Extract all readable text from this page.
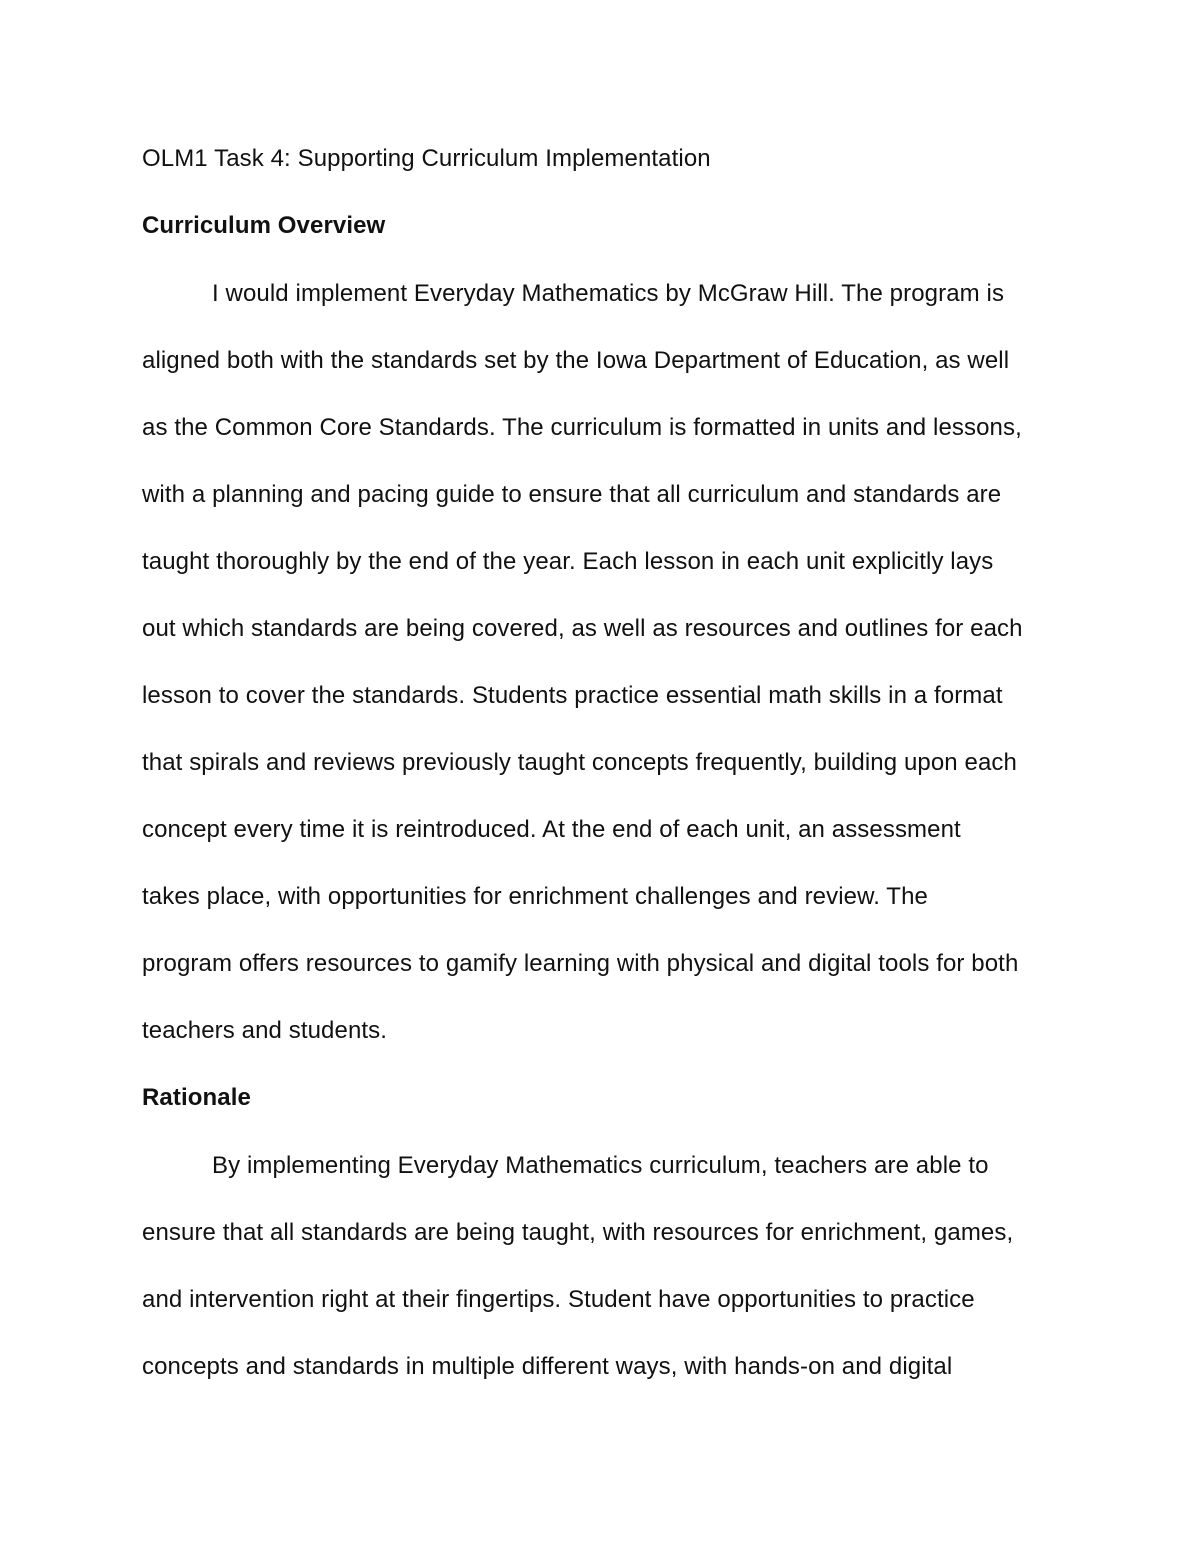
OLM1 Task 4: Supporting Curriculum Implementation
Curriculum Overview
I would implement Everyday Mathematics by McGraw Hill. The program is
aligned both with the standards set by the Iowa Department of Education, as well
as the Common Core Standards. The curriculum is formatted in units and lessons,
with a planning and pacing guide to ensure that all curriculum and standards are
taught thoroughly by the end of the year. Each lesson in each unit explicitly lays
out which standards are being covered, as well as resources and outlines for each
lesson to cover the standards. Students practice essential math skills in a format
that spirals and reviews previously taught concepts frequently, building upon each
concept every time it is reintroduced. At the end of each unit, an assessment
takes place, with opportunities for enrichment challenges and review. The
program offers resources to gamify learning with physical and digital tools for both
teachers and students.
Rationale
By implementing Everyday Mathematics curriculum, teachers are able to
ensure that all standards are being taught, with resources for enrichment, games,
and intervention right at their fingertips. Student have opportunities to practice
concepts and standards in multiple different ways, with hands-on and digital
